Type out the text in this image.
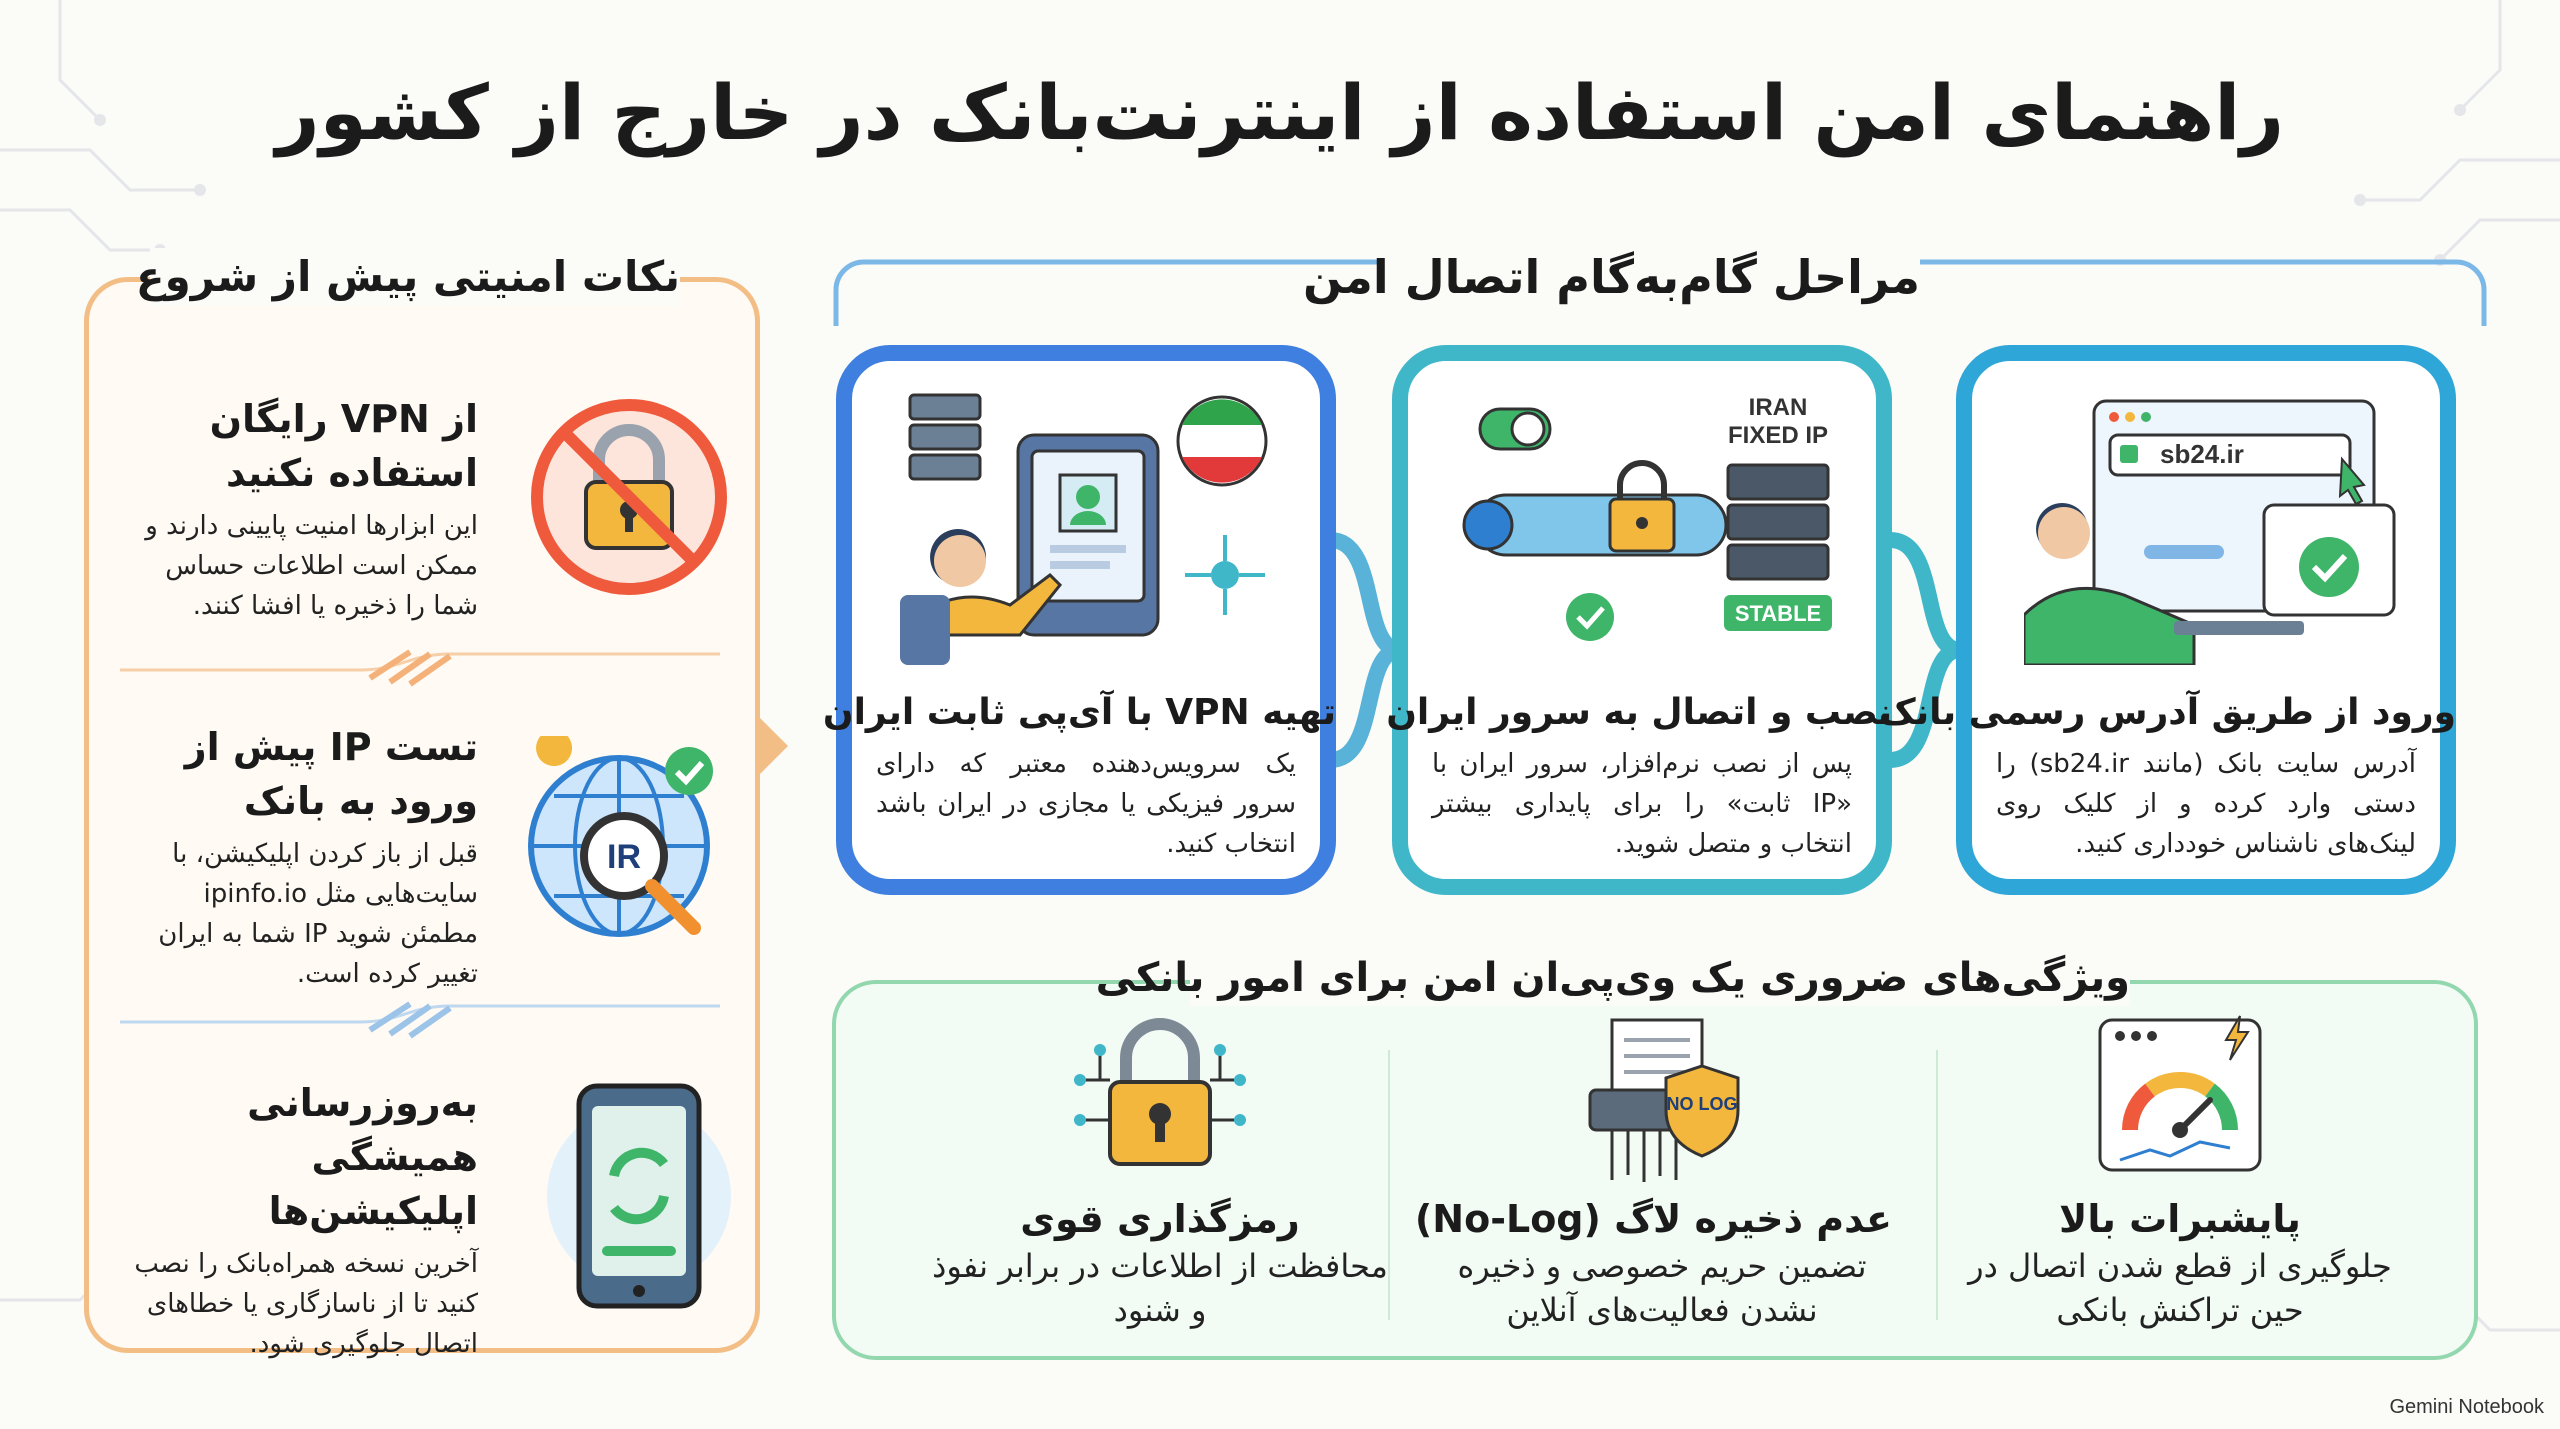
راهنمای امن استفاده از اینترنت‌بانک در خارج از کشور
نکات امنیتی پیش از شروع
از VPN رایگان استفاده نکنید
این ابزارها امنیت پایینی دارند و ممکن است اطلاعات حساس شما را ذخیره یا افشا کنند.
تست IP پیش از ورود به بانک
قبل از باز کردن اپلیکیشن، با سایت‌هایی مثل ipinfo.io مطمئن شوید IP شما به ایران تغییر کرده است.
IR
به‌روزرسانی همیشگی اپلیکیشن‌ها
آخرین نسخه همراه‌بانک را نصب کنید تا از ناسازگاری یا خطاهای اتصال جلوگیری شود.
مراحل گام‌به‌گام اتصال امن
تهیه VPN با آی‌پی ثابت ایران
یک سرویس‌دهنده معتبر که دارای سرور فیزیکی یا مجازی در ایران باشد انتخاب کنید.
IRAN
FIXED IP
STABLE
نصب و اتصال به سرور ایران
پس از نصب نرم‌افزار، سرور ایران با «IP ثابت» را برای پایداری بیشتر انتخاب و متصل شوید.
sb24.ir
ورود از طریق آدرس رسمی بانک
آدرس سایت بانک (مانند sb24.ir) را دستی وارد کرده و از کلیک روی لینک‌های ناشناس خودداری کنید.
ویژگی‌های ضروری یک وی‌پی‌ان امن برای امور بانکی
رمزگذاری قوی
محافظت از اطلاعات در برابر نفوذ و شنود
NO LOG
عدم ذخیره لاگ (No-Log)
تضمین حریم خصوصی و ذخیره نشدن فعالیت‌های آنلاین
پایشبرات بالا
جلوگیری از قطع شدن اتصال در حین تراکنش بانکی
Gemini Notebook
